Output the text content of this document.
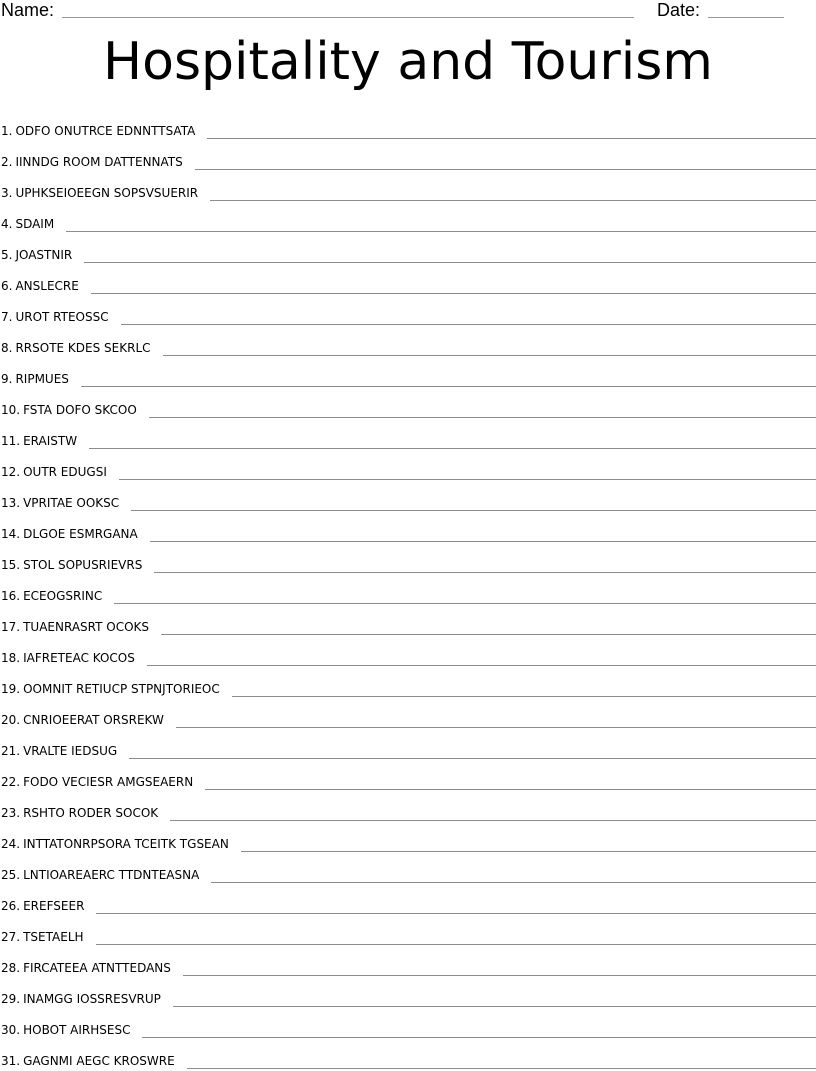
Name:	Date:
Hospitality and Tourism
1. ODFO ONUTRCE EDNNTTSATA
2. IINNDG ROOM DATTENNATS
3. UPHKSEIOEEGN SOPSVSUERIR
4. SDAIM
5. JOASTNIR
6. ANSLECRE
7. UROT RTEOSSC
8. RRSOTE KDES SEKRLC
9. RIPMUES
10. FSTA DOFO SKCOO
11. ERAISTW
12. OUTR EDUGSI
13. VPRITAE OOKSC
14. DLGOE ESMRGANA
15. STOL SOPUSRIEVRS
16. ECEOGSRINC
17. TUAENRASRT OCOKS
18. IAFRETEAC KOCOS
19. OOMNIT RETIUCP STPNJTORIEOC
20. CNRIOEERAT ORSREKW
21. VRALTE IEDSUG
22. FODO VECIESR AMGSEAERN
23. RSHTO RODER SOCOK
24. INTTATONRPSORA TCEITK TGSEAN
25. LNTIOAREAERC TTDNTEASNA
26. EREFSEER
27. TSETAELH
28. FIRCATEEA ATNTTEDANS
29. INAMGG IOSSRESVRUP
30. HOBOT AIRHSESC
31. GAGNMI AEGC KROSWRE
